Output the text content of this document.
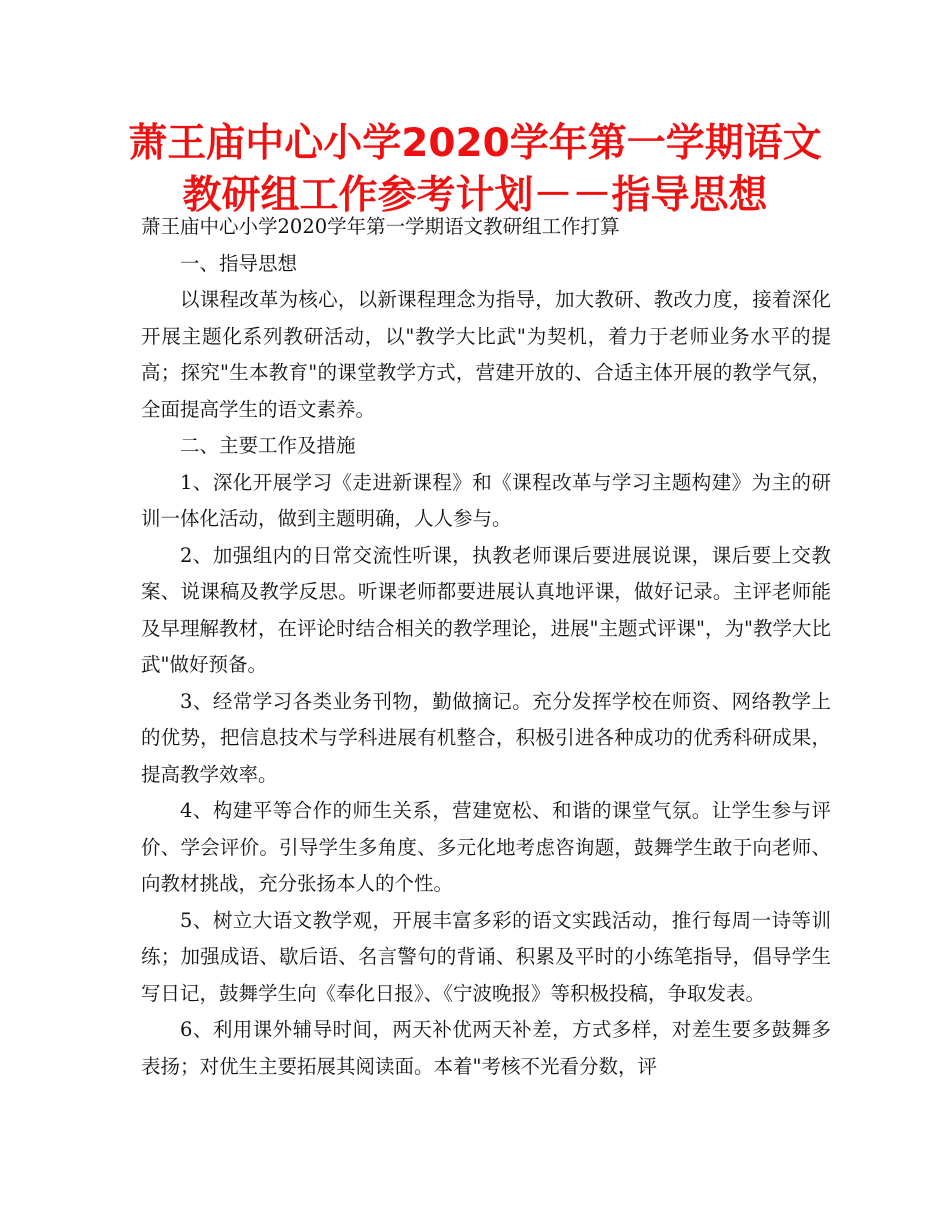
萧王庙中心小学2020学年第一学期语文教研组工作参考计划－－指导思想

萧王庙中心小学2020学年第一学期语文教研组工作打算

一、指导思想

以课程改革为核心，以新课程理念为指导，加大教研、教改力度，接着深化开展主题化系列教研活动，以"教学大比武"为契机，着力于老师业务水平的提高；探究"生本教育"的课堂教学方式，营建开放的、合适主体开展的教学气氛，全面提高学生的语文素养。

二、主要工作及措施

1、深化开展学习《走进新课程》和《课程改革与学习主题构建》为主的研训一体化活动，做到主题明确，人人参与。

2、加强组内的日常交流性听课，执教老师课后要进展说课，课后要上交教案、说课稿及教学反思。听课老师都要进展认真地评课，做好记录。主评老师能及早理解教材，在评论时结合相关的教学理论，进展"主题式评课"，为"教学大比武"做好预备。

3、经常学习各类业务刊物，勤做摘记。充分发挥学校在师资、网络教学上的优势，把信息技术与学科进展有机整合，积极引进各种成功的优秀科研成果，提高教学效率。

4、构建平等合作的师生关系，营建宽松、和谐的课堂气氛。让学生参与评价、学会评价。引导学生多角度、多元化地考虑咨询题，鼓舞学生敢于向老师、向教材挑战，充分张扬本人的个性。

5、树立大语文教学观，开展丰富多彩的语文实践活动，推行每周一诗等训练；加强成语、歇后语、名言警句的背诵、积累及平时的小练笔指导，倡导学生写日记，鼓舞学生向《奉化日报》、《宁波晚报》等积极投稿，争取发表。

6、利用课外辅导时间，两天补优两天补差，方式多样，对差生要多鼓舞多表扬；对优生主要拓展其阅读面。本着"考核不光看分数，评
